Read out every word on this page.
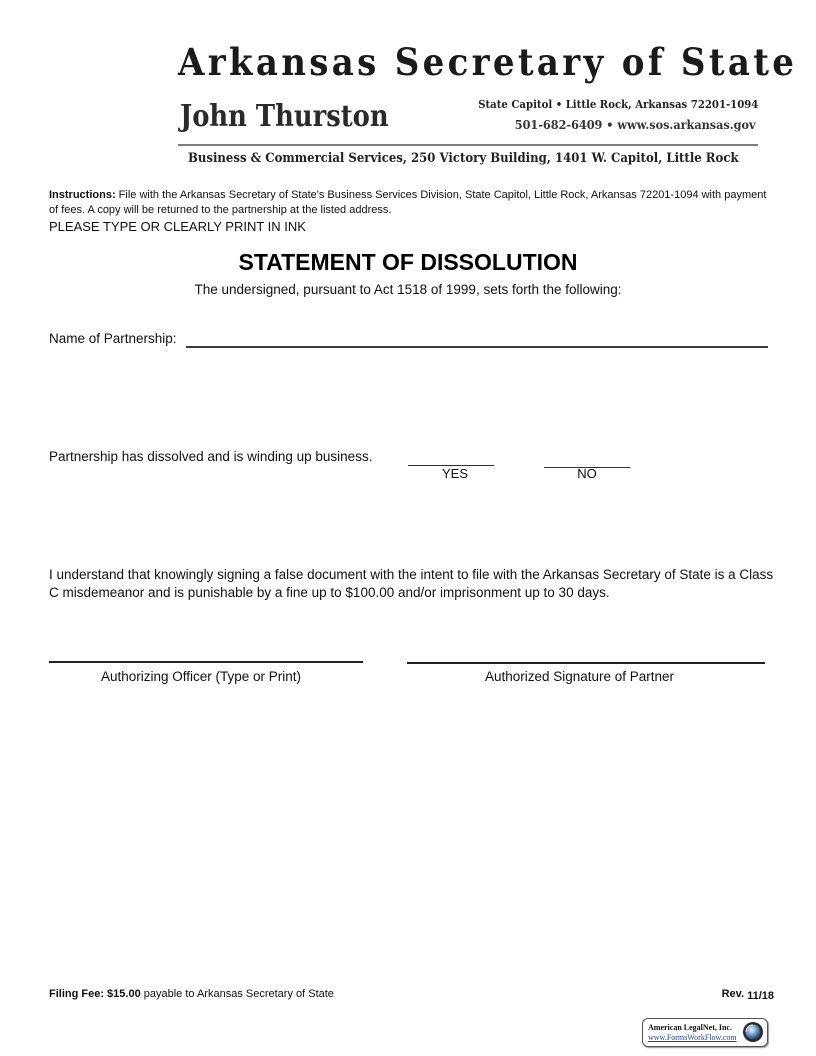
Arkansas Secretary of State
John Thurston	State Capitol • Little Rock, Arkansas 72201-1094
501-682-6409 • www.sos.arkansas.gov
Business & Commercial Services, 250 Victory Building, 1401 W. Capitol, Little Rock
Instructions: File with the Arkansas Secretary of State's Business Services Division, State Capitol, Little Rock, Arkansas 72201-1094 with payment of fees. A copy will be returned to the partnership at the listed address.
PLEASE TYPE OR CLEARLY PRINT IN INK
STATEMENT OF DISSOLUTION
The undersigned, pursuant to Act 1518 of 1999, sets forth the following:
Name of Partnership:
Partnership has dissolved and is winding up business.
YES	NO
I understand that knowingly signing a false document with the intent to file with the Arkansas Secretary of State is a Class C misdemeanor and is punishable by a fine up to $100.00 and/or imprisonment up to 30 days.
Authorizing Officer (Type or Print)	Authorized Signature of Partner
Filing Fee: $15.00 payable to Arkansas Secretary of State	Rev. 11/18
American LegalNet, Inc.
www.FormsWorkFlow.com
